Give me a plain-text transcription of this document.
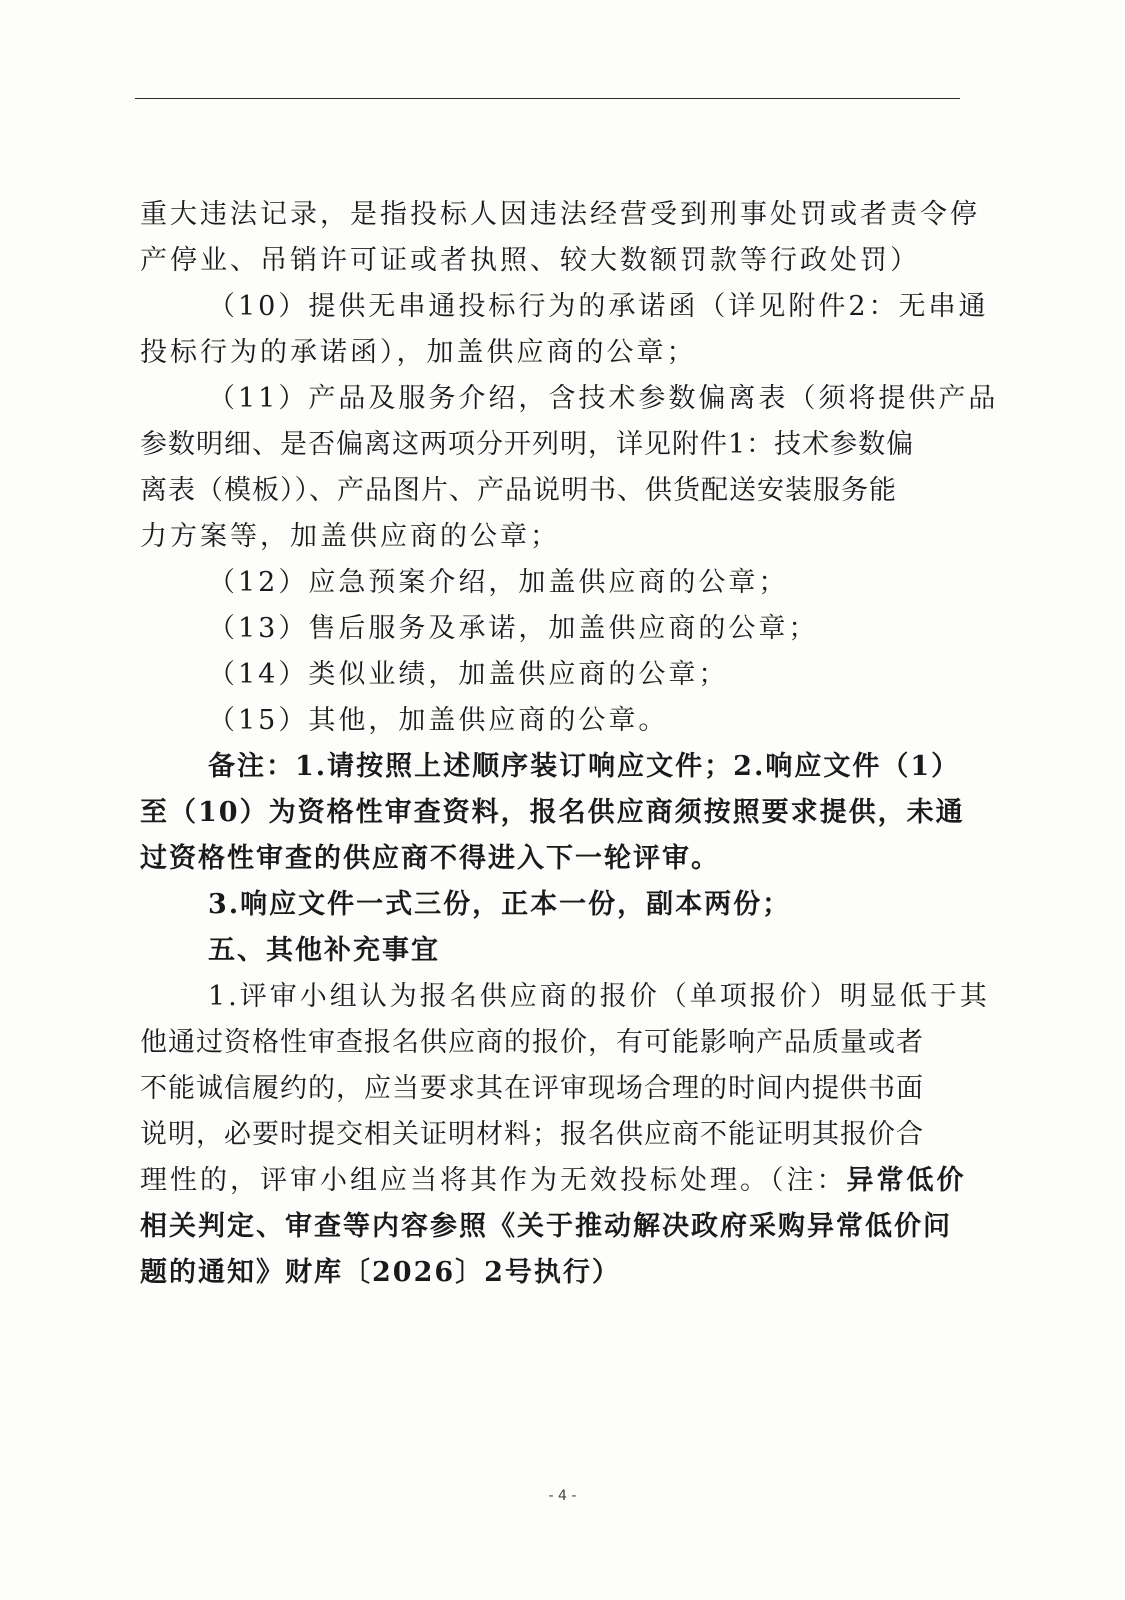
重大违法记录，是指投标人因违法经营受到刑事处罚或者责令停
产停业、吊销许可证或者执照、较大数额罚款等行政处罚）
（10）提供无串通投标行为的承诺函（详见附件2：无串通
投标行为的承诺函），加盖供应商的公章；
（11）产品及服务介绍，含技术参数偏离表（须将提供产品
参数明细、是否偏离这两项分开列明，详见附件1：技术参数偏
离表（模板））、产品图片、产品说明书、供货配送安装服务能
力方案等，加盖供应商的公章；
（12）应急预案介绍，加盖供应商的公章；
（13）售后服务及承诺，加盖供应商的公章；
（14）类似业绩，加盖供应商的公章；
（15）其他，加盖供应商的公章。
备注：1.请按照上述顺序装订响应文件；2.响应文件（1）
至（10）为资格性审查资料，报名供应商须按照要求提供，未通
过资格性审查的供应商不得进入下一轮评审。
3.响应文件一式三份，正本一份，副本两份；
五、其他补充事宜
1.评审小组认为报名供应商的报价（单项报价）明显低于其
他通过资格性审查报名供应商的报价，有可能影响产品质量或者
不能诚信履约的，应当要求其在评审现场合理的时间内提供书面
说明，必要时提交相关证明材料；报名供应商不能证明其报价合
理性的，评审小组应当将其作为无效投标处理。（注：异常低价
相关判定、审查等内容参照《关于推动解决政府采购异常低价问
题的通知》财库〔2026〕2号执行）
- 4 -
